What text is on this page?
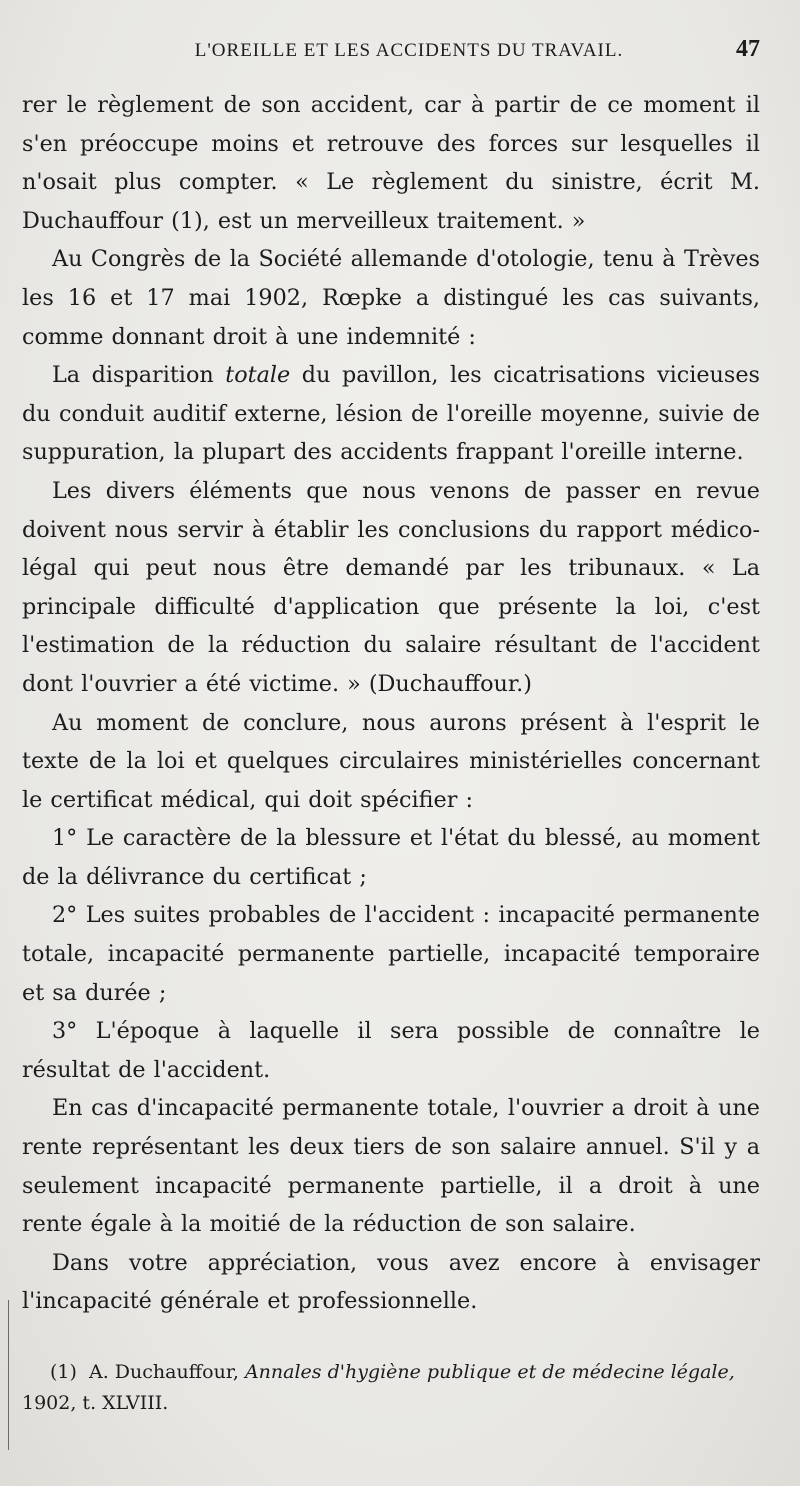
L'OREILLE ET LES ACCIDENTS DU TRAVAIL.	47

rer le règlement de son accident, car à partir de ce moment il s'en préoccupe moins et retrouve des forces sur lesquelles il n'osait plus compter. « Le règlement du sinistre, écrit M. Duchauffour (1), est un merveilleux traitement. »

Au Congrès de la Société allemande d'otologie, tenu à Trèves les 16 et 17 mai 1902, Rœpke a distingué les cas suivants, comme donnant droit à une indemnité :

La disparition totale du pavillon, les cicatrisations vicieuses du conduit auditif externe, lésion de l'oreille moyenne, suivie de suppuration, la plupart des accidents frappant l'oreille interne.

Les divers éléments que nous venons de passer en revue doivent nous servir à établir les conclusions du rapport médico-légal qui peut nous être demandé par les tribunaux. « La principale difficulté d'application que présente la loi, c'est l'estimation de la réduction du salaire résultant de l'accident dont l'ouvrier a été victime. » (Duchauffour.)

Au moment de conclure, nous aurons présent à l'esprit le texte de la loi et quelques circulaires ministérielles concernant le certificat médical, qui doit spécifier :

1° Le caractère de la blessure et l'état du blessé, au moment de la délivrance du certificat ;

2° Les suites probables de l'accident : incapacité permanente totale, incapacité permanente partielle, incapacité temporaire et sa durée ;

3° L'époque à laquelle il sera possible de connaître le résultat de l'accident.

En cas d'incapacité permanente totale, l'ouvrier a droit à une rente représentant les deux tiers de son salaire annuel. S'il y a seulement incapacité permanente partielle, il a droit à une rente égale à la moitié de la réduction de son salaire.

Dans votre appréciation, vous avez encore à envisager l'incapacité générale et professionnelle.

(1) A. Duchauffour, Annales d'hygiène publique et de médecine légale,
1902, t. XLVIII.
